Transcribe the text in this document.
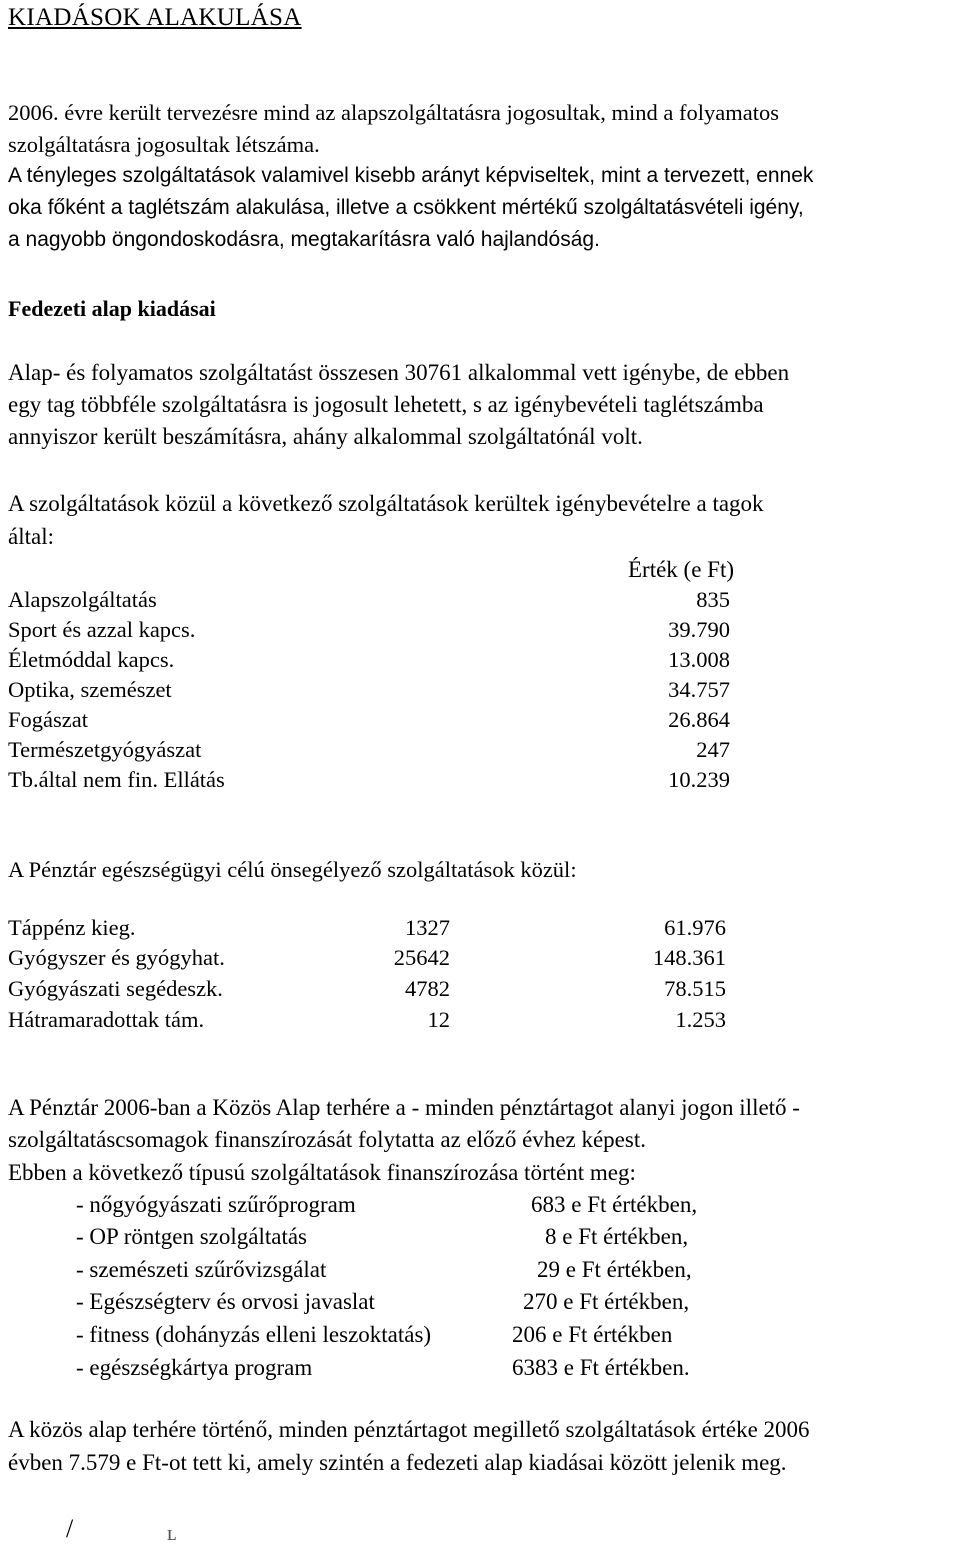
KIADÁSOK ALAKULÁSA
2006. évre került tervezésre mind az alapszolgáltatásra jogosultak, mind a folyamatos
szolgáltatásra jogosultak létszáma.
A tényleges szolgáltatások valamivel kisebb arányt képviseltek, mint a tervezett, ennek
oka főként a taglétszám alakulása, illetve a csökkent mértékű szolgáltatásvételi igény,
a nagyobb öngondoskodásra, megtakarításra való hajlandóság.
Fedezeti alap kiadásai
Alap- és folyamatos szolgáltatást összesen 30761 alkalommal vett igénybe, de ebben
egy tag többféle szolgáltatásra is jogosult lehetett, s az igénybevételi taglétszámba
annyiszor került beszámításra, ahány alkalommal szolgáltatónál volt.
A szolgáltatások közül a következő szolgáltatások kerültek igénybevételre a tagok
által:
Érték (e Ft)
Alapszolgáltatás	835
Sport és azzal kapcs.	39.790
Életmóddal kapcs.	13.008
Optika, szemészet	34.757
Fogászat	26.864
Természetgyógyászat	247
Tb.által nem fin. Ellátás	10.239
A Pénztár egészségügyi célú önsegélyező szolgáltatások közül:
Táppénz kieg.	1327	61.976
Gyógyszer és gyógyhat.	25642	148.361
Gyógyászati segédeszk.	4782	78.515
Hátramaradottak tám.	12	1.253
A Pénztár 2006-ban a Közös Alap terhére a - minden pénztártagot alanyi jogon illető -
szolgáltatáscsomagok finanszírozását folytatta az előző évhez képest.
Ebben a következő típusú szolgáltatások finanszírozása történt meg:
- nőgyógyászati szűrőprogram	683 e Ft értékben,
- OP röntgen szolgáltatás	8 e Ft értékben,
- szemészeti szűrővizsgálat	29 e Ft értékben,
- Egészségterv és orvosi javaslat	270 e Ft értékben,
- fitness (dohányzás elleni leszoktatás)	206 e Ft értékben
- egészségkártya program	6383 e Ft értékben.
A közös alap terhére történő, minden pénztártagot megillető szolgáltatások értéke 2006
évben 7.579 e Ft-ot tett ki, amely szintén a fedezeti alap kiadásai között jelenik meg.
/	ʟ
